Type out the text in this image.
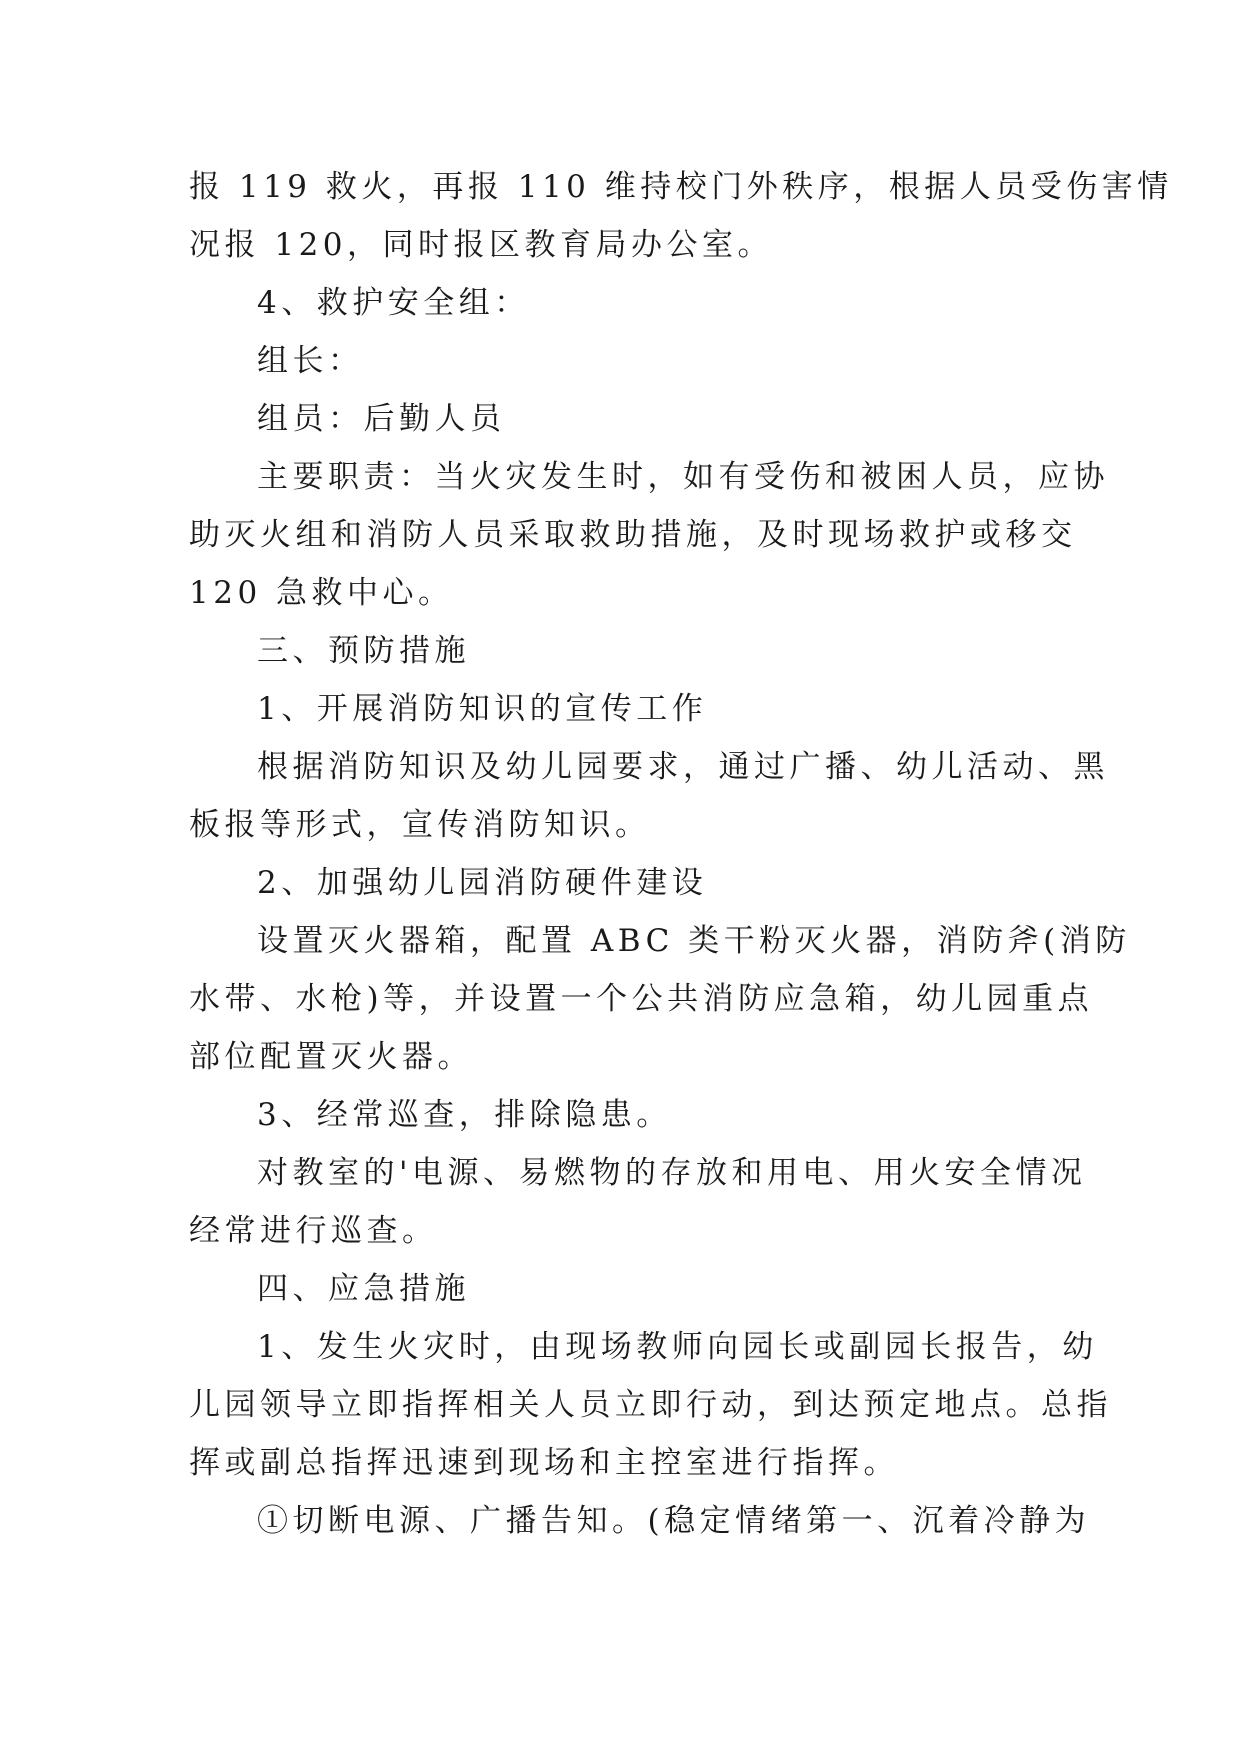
报 119 救火，再报 110 维持校门外秩序，根据人员受伤害情
况报 120，同时报区教育局办公室。
4、救护安全组：
组长：
组员：后勤人员
主要职责：当火灾发生时，如有受伤和被困人员，应协
助灭火组和消防人员采取救助措施，及时现场救护或移交
120 急救中心。
三、预防措施
1、开展消防知识的宣传工作
根据消防知识及幼儿园要求，通过广播、幼儿活动、黑
板报等形式，宣传消防知识。
2、加强幼儿园消防硬件建设
设置灭火器箱，配置 ABC 类干粉灭火器，消防斧(消防
水带、水枪)等，并设置一个公共消防应急箱，幼儿园重点
部位配置灭火器。
3、经常巡查，排除隐患。
对教室的'电源、易燃物的存放和用电、用火安全情况
经常进行巡查。
四、应急措施
1、发生火灾时，由现场教师向园长或副园长报告，幼
儿园领导立即指挥相关人员立即行动，到达预定地点。总指
挥或副总指挥迅速到现场和主控室进行指挥。
①切断电源、广播告知。(稳定情绪第一、沉着冷静为
